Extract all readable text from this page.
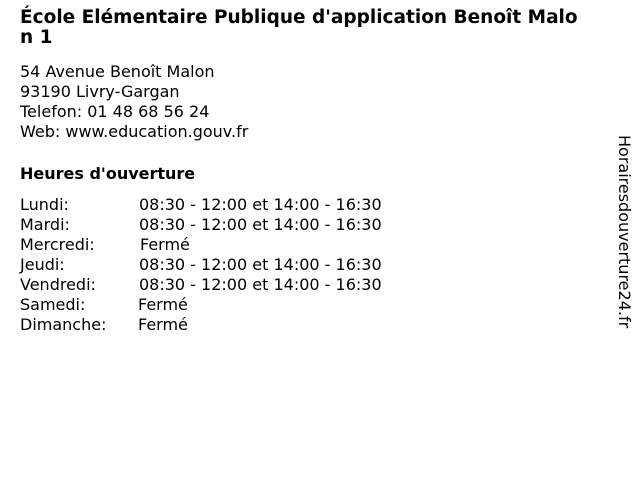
École Elémentaire Publique d'application Benoît Malon 1
54 Avenue Benoît Malon
93190 Livry-Gargan
Telefon: 01 48 68 56 24
Web: www.education.gouv.fr
Heures d'ouverture
Lundi:	08:30 - 12:00 et 14:00 - 16:30
Mardi:	08:30 - 12:00 et 14:00 - 16:30
Mercredi:	Fermé
Jeudi:	08:30 - 12:00 et 14:00 - 16:30
Vendredi:	08:30 - 12:00 et 14:00 - 16:30
Samedi:	Fermé
Dimanche:	Fermé	Horairesdouverture24.fr
